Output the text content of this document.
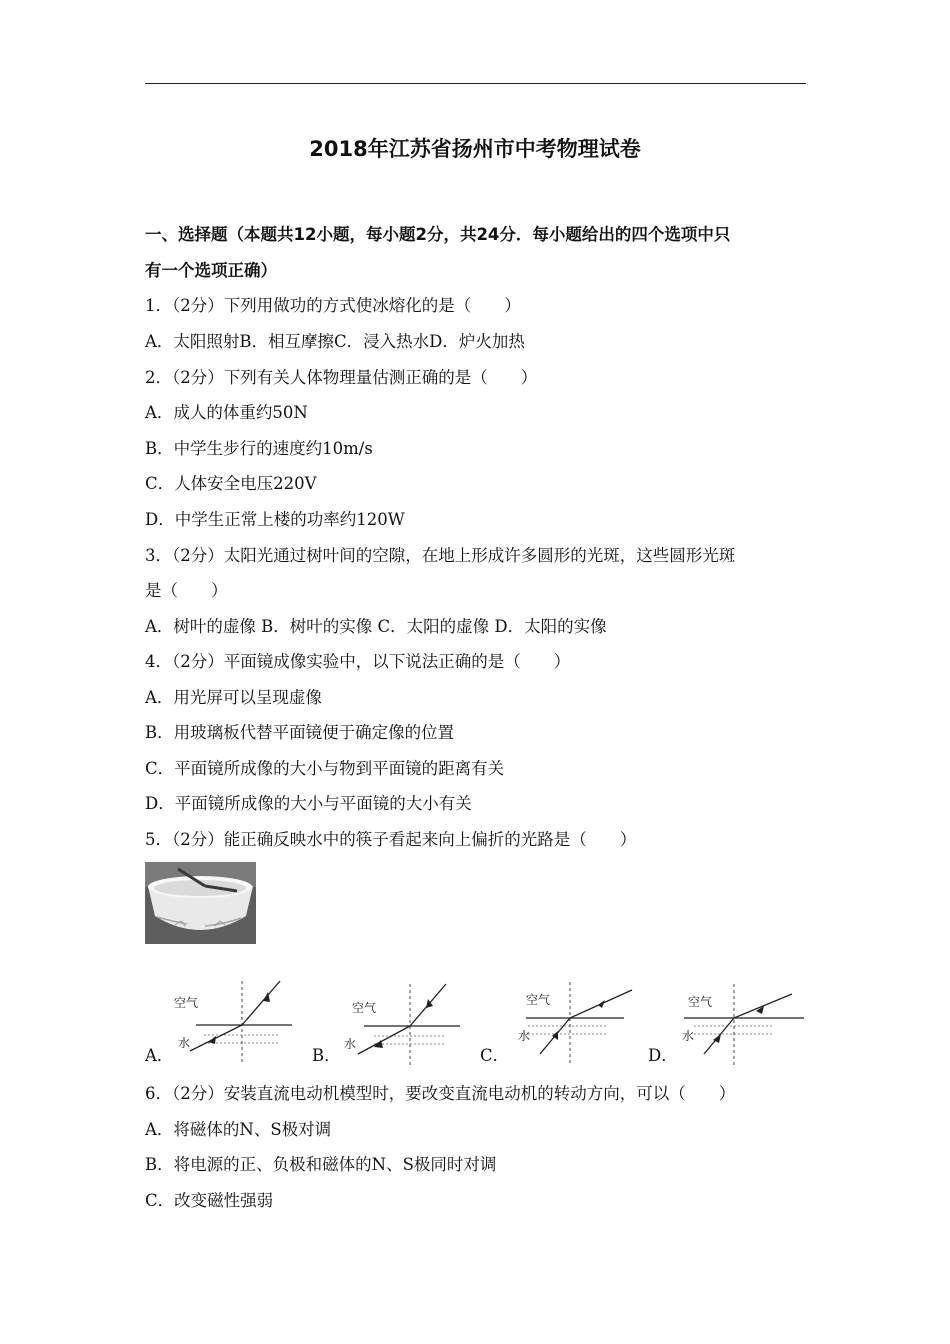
2018年江苏省扬州市中考物理试卷
一、选择题（本题共12小题，每小题2分，共24分．每小题给出的四个选项中只
有一个选项正确）
1．（2分）下列用做功的方式使冰熔化的是（　　）
A．太阳照射B．相互摩擦C．浸入热水D．炉火加热
2．（2分）下列有关人体物理量估测正确的是（　　）
A．成人的体重约50N
B．中学生步行的速度约10m/s
C．人体安全电压220V
D．中学生正常上楼的功率约120W
3．（2分）太阳光通过树叶间的空隙，在地上形成许多圆形的光斑，这些圆形光斑
是（　　）
A．树叶的虚像 B．树叶的实像 C．太阳的虚像 D．太阳的实像
4．（2分）平面镜成像实验中，以下说法正确的是（　　）
A．用光屏可以呈现虚像
B．用玻璃板代替平面镜便于确定像的位置
C．平面镜所成像的大小与物到平面镜的距离有关
D．平面镜所成像的大小与平面镜的大小有关
5．（2分）能正确反映水中的筷子看起来向上偏折的光路是（　　）
A．
空气
水
B．
空气
水
C．
空气
水
D．
空气
水
6．（2分）安装直流电动机模型时，要改变直流电动机的转动方向，可以（　　）
A．将磁体的N、S极对调
B．将电源的正、负极和磁体的N、S极同时对调
C．改变磁性强弱
